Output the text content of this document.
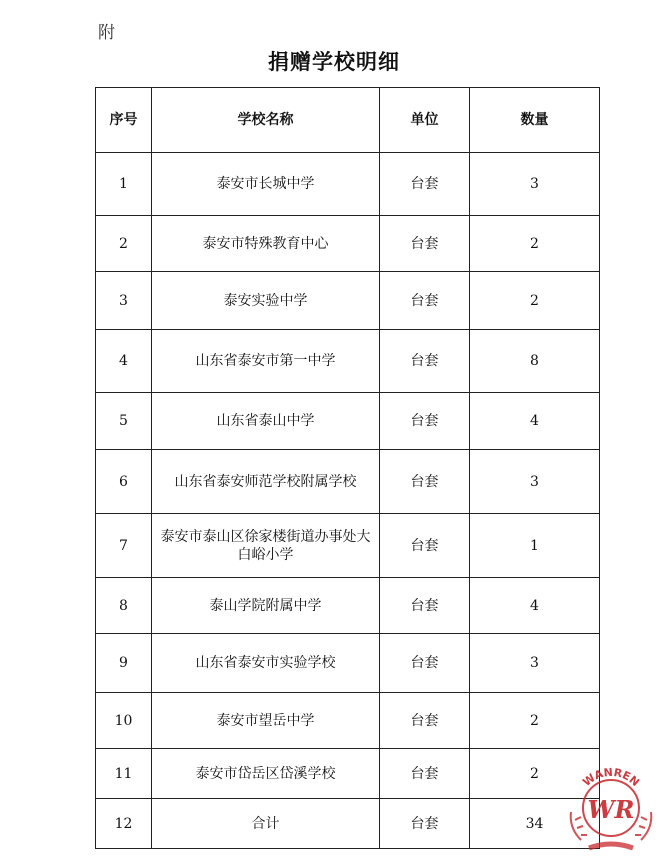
附
捐赠学校明细
序号	学校名称	单位	数量
1	泰安市长城中学	台套	3
2	泰安市特殊教育中心	台套	2
3	泰安实验中学	台套	2
4	山东省泰安市第一中学	台套	8
5	山东省泰山中学	台套	4
6	山东省泰安师范学校附属学校	台套	3
7	泰安市泰山区徐家楼街道办事处大白峪小学	台套	1
8	泰山学院附属中学	台套	4
9	山东省泰安市实验学校	台套	3
10	泰安市望岳中学	台套	2
11	泰安市岱岳区岱溪学校	台套	2
12	合计	台套	34
WANREN
WR
